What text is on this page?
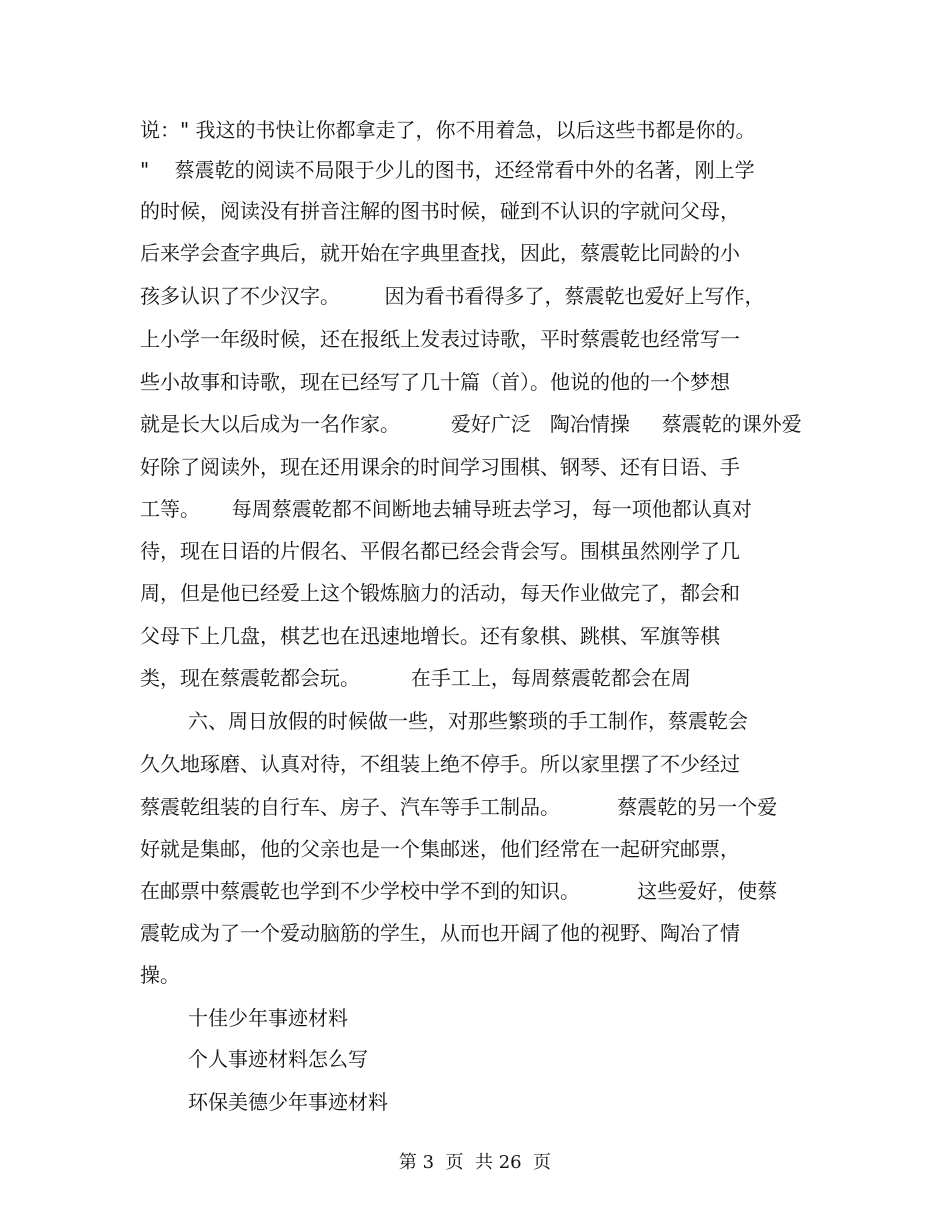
说：" 我这的书快让你都拿走了，你不用着急，以后这些书都是你的。
"    蔡震乾的阅读不局限于少儿的图书，还经常看中外的名著，刚上学
的时候，阅读没有拼音注解的图书时候，碰到不认识的字就问父母，
后来学会查字典后，就开始在字典里查找，因此，蔡震乾比同龄的小
孩多认识了不少汉字。       因为看书看得多了，蔡震乾也爱好上写作，
上小学一年级时候，还在报纸上发表过诗歌，平时蔡震乾也经常写一
些小故事和诗歌，现在已经写了几十篇（首）。他说的他的一个梦想
就是长大以后成为一名作家。        爱好广泛   陶冶情操     蔡震乾的课外爱
好除了阅读外，现在还用课余的时间学习围棋、钢琴、还有日语、手
工等。     每周蔡震乾都不间断地去辅导班去学习，每一项他都认真对
待，现在日语的片假名、平假名都已经会背会写。围棋虽然刚学了几
周，但是他已经爱上这个锻炼脑力的活动，每天作业做完了，都会和
父母下上几盘，棋艺也在迅速地增长。还有象棋、跳棋、军旗等棋
类，现在蔡震乾都会玩。        在手工上，每周蔡震乾都会在周
六、周日放假的时候做一些，对那些繁琐的手工制作，蔡震乾会
久久地琢磨、认真对待，不组装上绝不停手。所以家里摆了不少经过
蔡震乾组装的自行车、房子、汽车等手工制品。         蔡震乾的另一个爱
好就是集邮，他的父亲也是一个集邮迷，他们经常在一起研究邮票，
在邮票中蔡震乾也学到不少学校中学不到的知识。         这些爱好，使蔡
震乾成为了一个爱动脑筋的学生，从而也开阔了他的视野、陶冶了情
操。
十佳少年事迹材料
个人事迹材料怎么写
环保美德少年事迹材料
第 3  页  共 26  页
